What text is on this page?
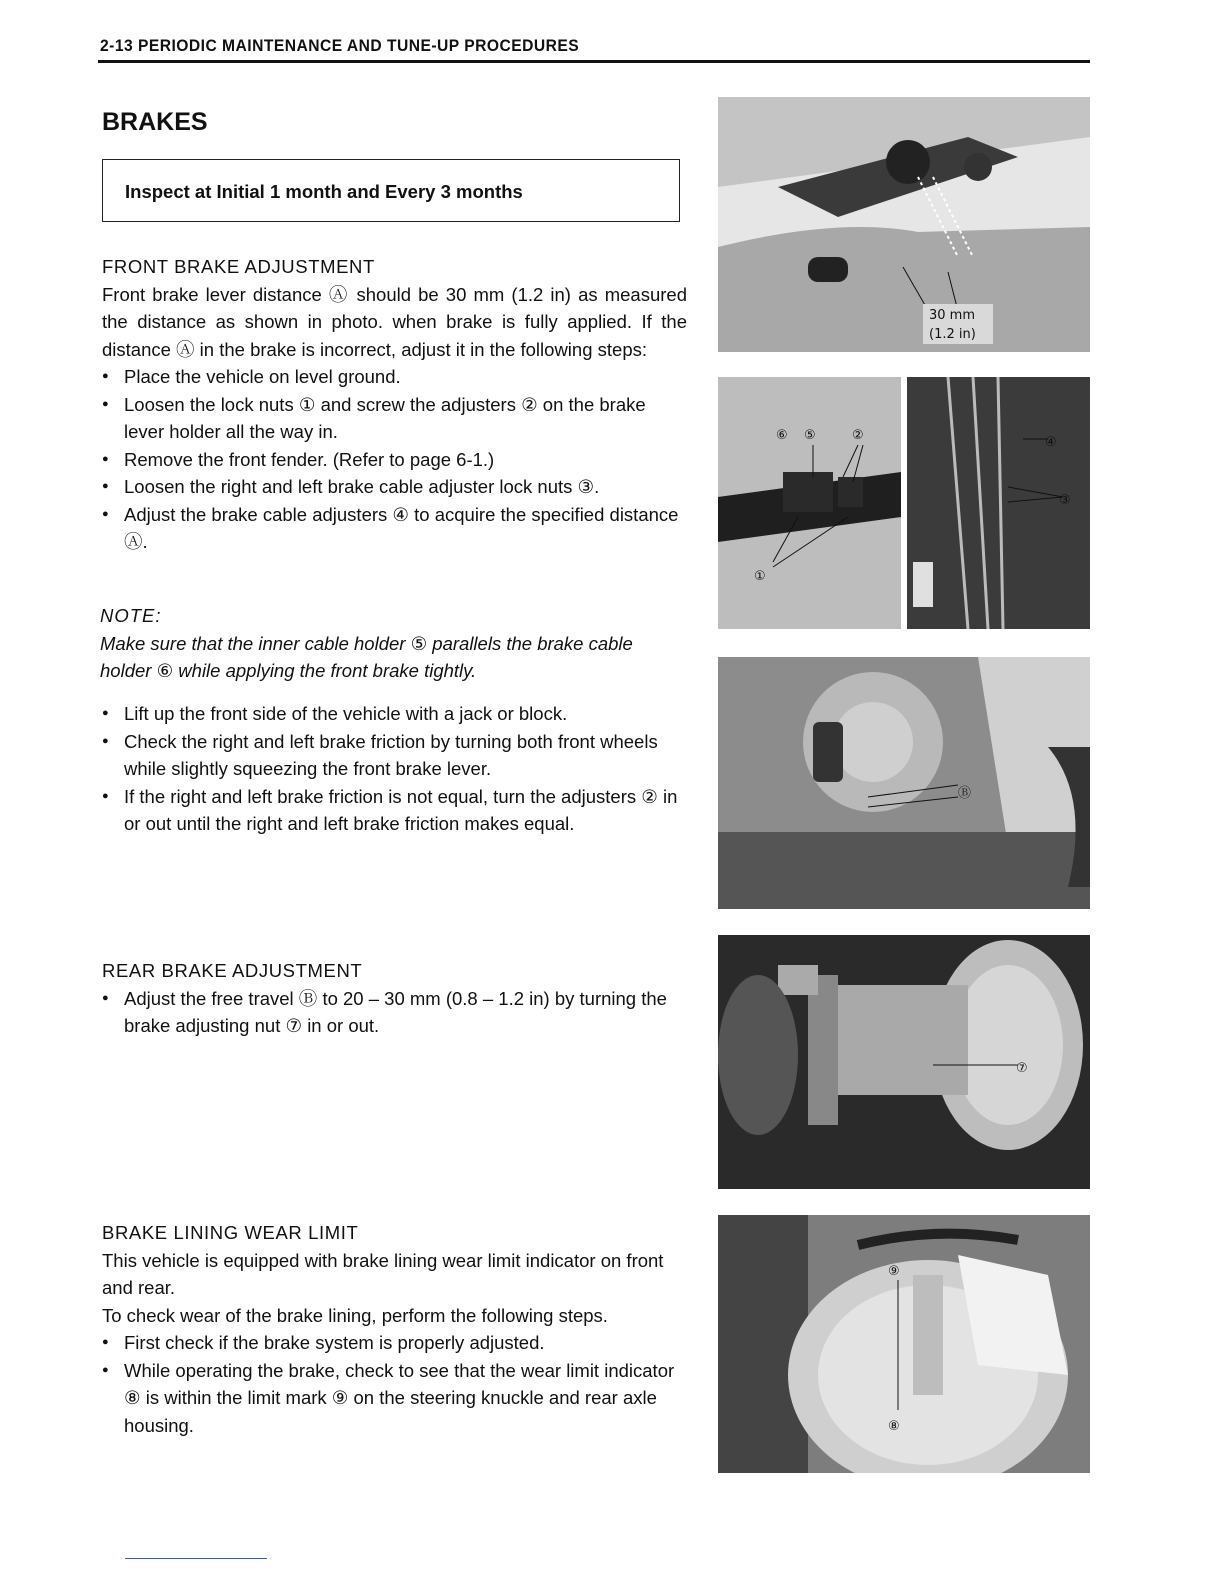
2-13 PERIODIC MAINTENANCE AND TUNE-UP PROCEDURES
BRAKES
Inspect at Initial 1 month and Every 3 months
FRONT BRAKE ADJUSTMENT

Front brake lever distance Ⓐ should be 30 mm (1.2 in) as measured the distance as shown in photo. when brake is fully applied. If the distance Ⓐ in the brake is incorrect, adjust it in the following steps:

● Place the vehicle on level ground.
● Loosen the lock nuts ① and screw the adjusters ② on the brake lever holder all the way in.
● Remove the front fender. (Refer to page 6-1.)
● Loosen the right and left brake cable adjuster lock nuts ③.
● Adjust the brake cable adjusters ④ to acquire the specified distance Ⓐ.
NOTE:

Make sure that the inner cable holder ⑤ parallels the brake cable holder ⑥ while applying the front brake tightly.

● Lift up the front side of the vehicle with a jack or block.
● Check the right and left brake friction by turning both front wheels while slightly squeezing the front brake lever.
● If the right and left brake friction is not equal, turn the adjusters ② in or out until the right and left brake friction makes equal.
REAR BRAKE ADJUSTMENT
● Adjust the free travel Ⓑ to 20 – 30 mm (0.8 – 1.2 in) by turning the brake adjusting nut ⑦ in or out.
BRAKE LINING WEAR LIMIT

This vehicle is equipped with brake lining wear limit indicator on front and rear.

To check wear of the brake lining, perform the following steps.

● First check if the brake system is properly adjusted.
● While operating the brake, check to see that the wear limit indicator ⑧ is within the limit mark ⑨ on the steering knuckle and rear axle housing.
30 mm
(1.2 in)
⑥ ⑤	②
①
④
③
Ⓑ
⑦
⑨
⑧
